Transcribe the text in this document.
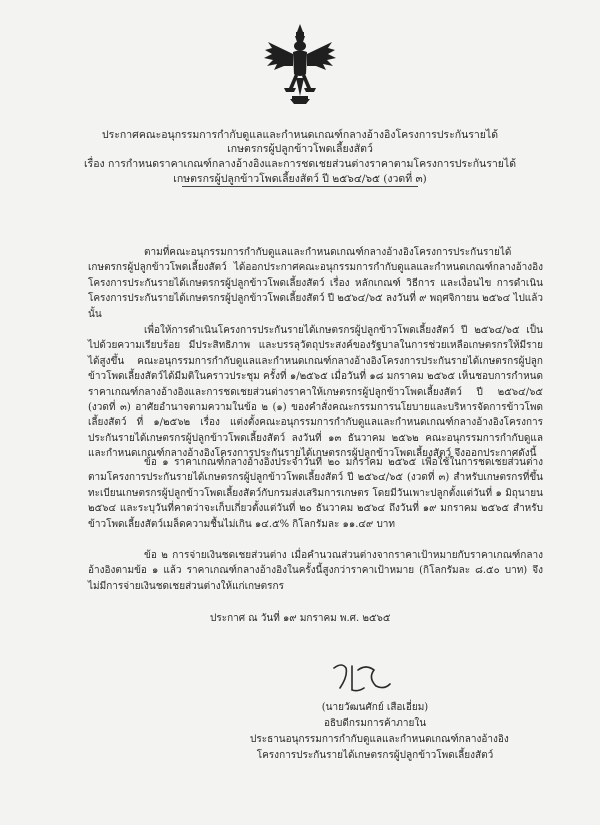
ประกาศคณะอนุกรรมการกำกับดูแลและกำหนดเกณฑ์กลางอ้างอิงโครงการประกันรายได้
เกษตรกรผู้ปลูกข้าวโพดเลี้ยงสัตว์
เรื่อง การกำหนดราคาเกณฑ์กลางอ้างอิงและการชดเชยส่วนต่างราคาตามโครงการประกันรายได้
เกษตรกรผู้ปลูกข้าวโพดเลี้ยงสัตว์ ปี ๒๕๖๔/๖๕ (งวดที่ ๓)

ตามที่คณะอนุกรรมการกำกับดูแลและกำหนดเกณฑ์กลางอ้างอิงโครงการประกันรายได้เกษตรกรผู้ปลูกข้าวโพดเลี้ยงสัตว์ ได้ออกประกาศคณะอนุกรรมการกำกับดูแลและกำหนดเกณฑ์กลางอ้างอิงโครงการประกันรายได้เกษตรกรผู้ปลูกข้าวโพดเลี้ยงสัตว์ เรื่อง หลักเกณฑ์ วิธีการ และเงื่อนไข การดำเนินโครงการประกันรายได้เกษตรกรผู้ปลูกข้าวโพดเลี้ยงสัตว์ ปี ๒๕๖๔/๖๕ ลงวันที่ ๙ พฤศจิกายน ๒๕๖๔ ไปแล้ว นั้น

เพื่อให้การดำเนินโครงการประกันรายได้เกษตรกรผู้ปลูกข้าวโพดเลี้ยงสัตว์ ปี ๒๕๖๔/๖๕ เป็นไปด้วยความเรียบร้อย มีประสิทธิภาพ และบรรลุวัตถุประสงค์ของรัฐบาลในการช่วยเหลือเกษตรกรให้มีรายได้สูงขึ้น คณะอนุกรรมการกำกับดูแลและกำหนดเกณฑ์กลางอ้างอิงโครงการประกันรายได้เกษตรกรผู้ปลูกข้าวโพดเลี้ยงสัตว์ได้มีมติในคราวประชุม ครั้งที่ ๑/๒๕๖๕ เมื่อวันที่ ๑๘ มกราคม ๒๕๖๕ เห็นชอบการกำหนดราคาเกณฑ์กลางอ้างอิงและการชดเชยส่วนต่างราคาให้เกษตรกรผู้ปลูกข้าวโพดเลี้ยงสัตว์ ปี ๒๕๖๔/๖๕ (งวดที่ ๓) อาศัยอำนาจตามความในข้อ ๒ (๑) ของคำสั่งคณะกรรมการนโยบายและบริหารจัดการข้าวโพดเลี้ยงสัตว์ ที่ ๑/๒๕๖๒ เรื่อง แต่งตั้งคณะอนุกรรมการกำกับดูแลและกำหนดเกณฑ์กลางอ้างอิงโครงการประกันรายได้เกษตรกรผู้ปลูกข้าวโพดเลี้ยงสัตว์ ลงวันที่ ๑๓ ธันวาคม ๒๕๖๒ คณะอนุกรรมการกำกับดูแลและกำหนดเกณฑ์กลางอ้างอิงโครงการประกันรายได้เกษตรกรผู้ปลูกข้าวโพดเลี้ยงสัตว์ จึงออกประกาศดังนี้

ข้อ ๑ ราคาเกณฑ์กลางอ้างอิงประจำวันที่ ๒๐ มกราคม ๒๕๖๕ เพื่อใช้ในการชดเชยส่วนต่างตามโครงการประกันรายได้เกษตรกรผู้ปลูกข้าวโพดเลี้ยงสัตว์ ปี ๒๕๖๔/๖๕ (งวดที่ ๓) สำหรับเกษตรกรที่ขึ้นทะเบียนเกษตรกรผู้ปลูกข้าวโพดเลี้ยงสัตว์กับกรมส่งเสริมการเกษตร โดยมีวันเพาะปลูกตั้งแต่วันที่ ๑ มิถุนายน ๒๕๖๔ และระบุวันที่คาดว่าจะเก็บเกี่ยวตั้งแต่วันที่ ๒๐ ธันวาคม ๒๕๖๔ ถึงวันที่ ๑๙ มกราคม ๒๕๖๕ สำหรับข้าวโพดเลี้ยงสัตว์เมล็ดความชื้นไม่เกิน ๑๔.๕% กิโลกรัมละ ๑๑.๔๙ บาท

ข้อ ๒ การจ่ายเงินชดเชยส่วนต่าง เมื่อคำนวณส่วนต่างจากราคาเป้าหมายกับราคาเกณฑ์กลางอ้างอิงตามข้อ ๑ แล้ว ราคาเกณฑ์กลางอ้างอิงในครั้งนี้สูงกว่าราคาเป้าหมาย (กิโลกรัมละ ๘.๕๐ บาท) จึงไม่มีการจ่ายเงินชดเชยส่วนต่างให้แก่เกษตรกร

ประกาศ ณ วันที่ ๑๙ มกราคม พ.ศ. ๒๕๖๕
(นายวัฒนศักย์ เสือเอี่ยม)
อธิบดีกรมการค้าภายใน
ประธานอนุกรรมการกำกับดูแลและกำหนดเกณฑ์กลางอ้างอิง
โครงการประกันรายได้เกษตรกรผู้ปลูกข้าวโพดเลี้ยงสัตว์
